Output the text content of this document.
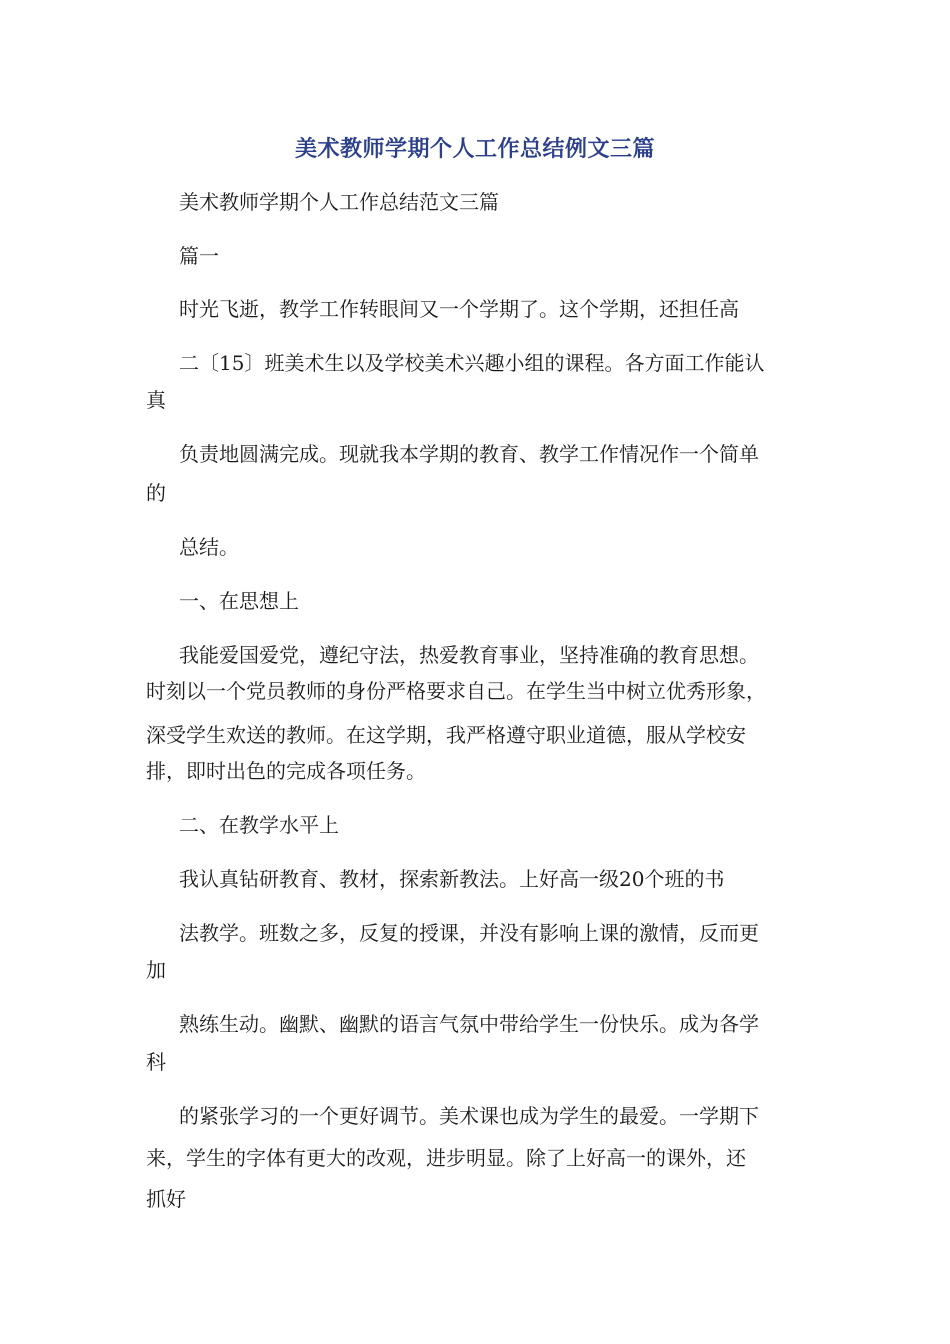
美术教师学期个人工作总结例文三篇
美术教师学期个人工作总结范文三篇
篇一
时光飞逝，教学工作转眼间又一个学期了。这个学期，还担任高
二〔15〕班美术生以及学校美术兴趣小组的课程。各方面工作能认
真
负责地圆满完成。现就我本学期的教育、教学工作情况作一个简单
的
总结。
一、在思想上
我能爱国爱党，遵纪守法，热爱教育事业，坚持准确的教育思想。
时刻以一个党员教师的身份严格要求自己。在学生当中树立优秀形象，
深受学生欢送的教师。在这学期，我严格遵守职业道德，服从学校安
排，即时出色的完成各项任务。
二、在教学水平上
我认真钻研教育、教材，探索新教法。上好高一级20个班的书
法教学。班数之多，反复的授课，并没有影响上课的激情，反而更
加
熟练生动。幽默、幽默的语言气氛中带给学生一份快乐。成为各学
科
的紧张学习的一个更好调节。美术课也成为学生的最爱。一学期下
来，学生的字体有更大的改观，进步明显。除了上好高一的课外，还
抓好
